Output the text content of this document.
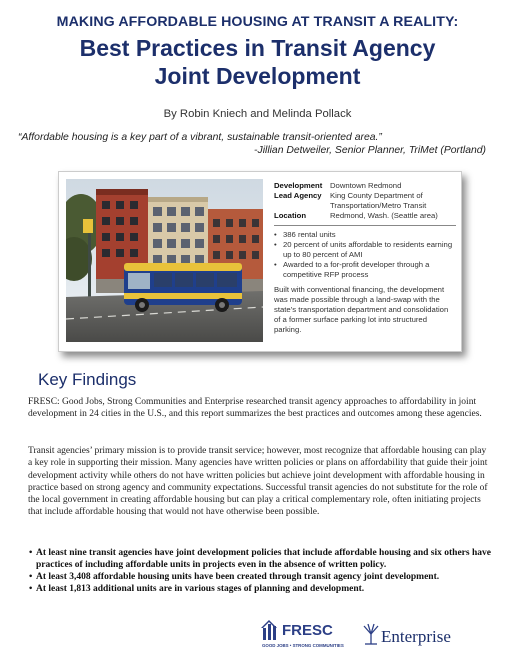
MAKING AFFORDABLE HOUSING AT TRANSIT A REALITY:
Best Practices in Transit Agency
Joint Development
By Robin Kniech and Melinda Pollack
“Affordable housing is a key part of a vibrant, sustainable transit-oriented area.”
-Jillian Detweiler, Senior Planner, TriMet (Portland)
Development	Downtown Redmond
Lead Agency	King County Department of Transportation/Metro Transit
Location	Redmond, Wash. (Seattle area)
• 386 rental units
• 20 percent of units affordable to residents earning up to 80 percent of AMI
• Awarded to a for-profit developer through a competitive RFP process
Built with conventional financing, the development was made possible through a land-swap with the state’s transportation department and consolidation of a former surface parking lot into structured parking.
Key Findings
FRESC: Good Jobs, Strong Communities and Enterprise researched transit agency approaches to affordability in joint development in 24 cities in the U.S., and this report summarizes the best practices and outcomes among these agencies.
Transit agencies’ primary mission is to provide transit service; however, most recognize that affordable housing can play a key role in supporting their mission. Many agencies have written policies or plans on affordability that guide their joint development activity while others do not have written policies but achieve joint development with affordable housing in practice based on strong agency and community expectations. Successful transit agencies do not substitute for the role of the local government in creating affordable housing but can play a critical complementary role, often initiating projects that include affordable housing that would not have otherwise been possible.
• At least nine transit agencies have joint development policies that include affordable housing and six others have practices of including affordable units in projects even in the absence of written policy.
• At least 3,408 affordable housing units have been created through transit agency joint development.
• At least 1,813 additional units are in various stages of planning and development.
FRESC
GOOD JOBS • STRONG COMMUNITIES Enterprise
